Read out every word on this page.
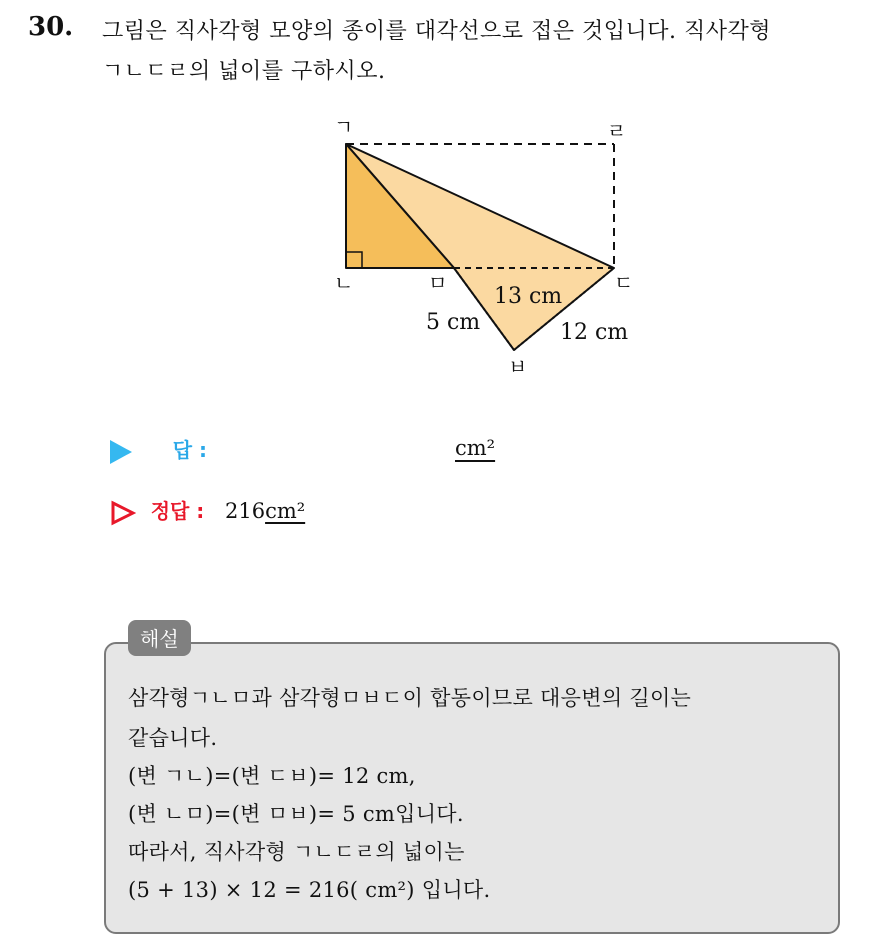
30. 그림은 직사각형 모양의 종이를 대각선으로 접은 것입니다. 직사각형
ㄱㄴㄷㄹ의 넓이를 구하시오.
ㄱ	ㄹ
ㄴ	ㅁ	ㄷ
ㅂ
13 cm
5 cm	12 cm
답 :	cm²
정답 : 216cm²
해설
삼각형ㄱㄴㅁ과 삼각형ㅁㅂㄷ이 합동이므로 대응변의 길이는
같습니다.
(변 ㄱㄴ)=(변 ㄷㅂ)= 12 cm,
(변 ㄴㅁ)=(변 ㅁㅂ)= 5 cm입니다.
따라서, 직사각형 ㄱㄴㄷㄹ의 넓이는
(5 + 13) × 12 = 216( cm²) 입니다.
